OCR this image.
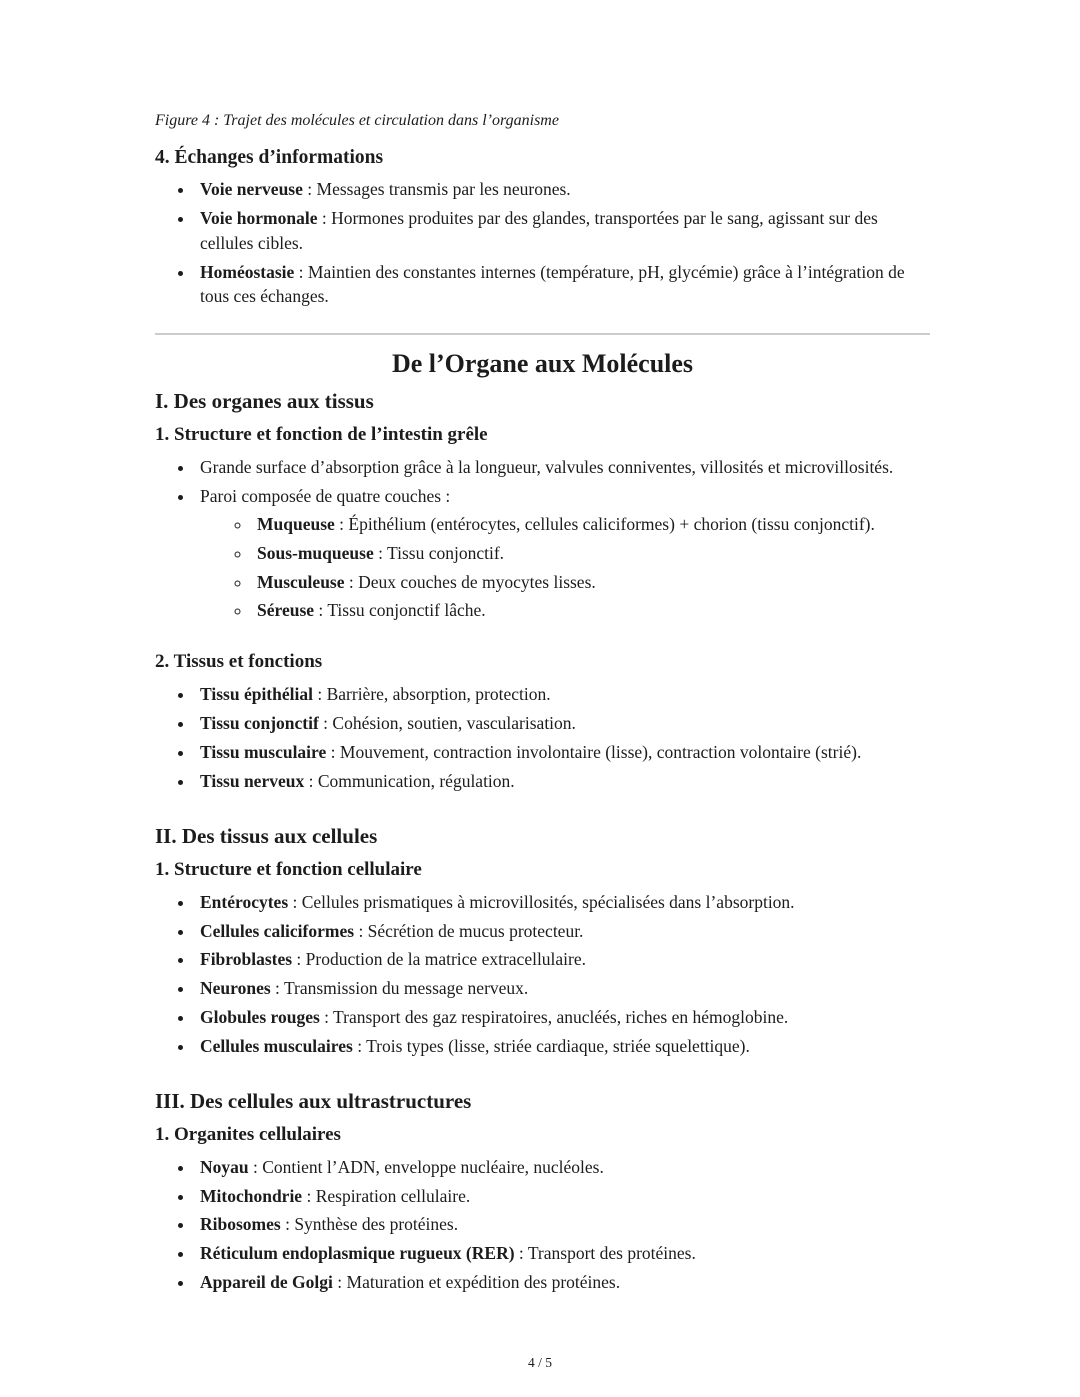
Figure 4 : Trajet des molécules et circulation dans l’organisme

4. Échanges d’informations
• Voie nerveuse : Messages transmis par les neurones.
• Voie hormonale : Hormones produites par des glandes, transportées par le sang, agissant sur des cellules cibles.
• Homéostasie : Maintien des constantes internes (température, pH, glycémie) grâce à l’intégration de tous ces échanges.
De l’Organe aux Molécules
I. Des organes aux tissus
1. Structure et fonction de l’intestin grêle
• Grande surface d’absorption grâce à la longueur, valvules conniventes, villosités et microvillosités.
• Paroi composée de quatre couches :
◦ Muqueuse : Épithélium (entérocytes, cellules caliciformes) + chorion (tissu conjonctif).
◦ Sous-muqueuse : Tissu conjonctif.
◦ Musculeuse : Deux couches de myocytes lisses.
◦ Séreuse : Tissu conjonctif lâche.
2. Tissus et fonctions
• Tissu épithélial : Barrière, absorption, protection.
• Tissu conjonctif : Cohésion, soutien, vascularisation.
• Tissu musculaire : Mouvement, contraction involontaire (lisse), contraction volontaire (strié).
• Tissu nerveux : Communication, régulation.
II. Des tissus aux cellules
1. Structure et fonction cellulaire
• Entérocytes : Cellules prismatiques à microvillosités, spécialisées dans l’absorption.
• Cellules caliciformes : Sécrétion de mucus protecteur.
• Fibroblastes : Production de la matrice extracellulaire.
• Neurones : Transmission du message nerveux.
• Globules rouges : Transport des gaz respiratoires, anucléés, riches en hémoglobine.
• Cellules musculaires : Trois types (lisse, striée cardiaque, striée squelettique).
III. Des cellules aux ultrastructures
1. Organites cellulaires
• Noyau : Contient l’ADN, enveloppe nucléaire, nucléoles.
• Mitochondrie : Respiration cellulaire.
• Ribosomes : Synthèse des protéines.
• Réticulum endoplasmique rugueux (RER) : Transport des protéines.
• Appareil de Golgi : Maturation et expédition des protéines.
4 / 5
